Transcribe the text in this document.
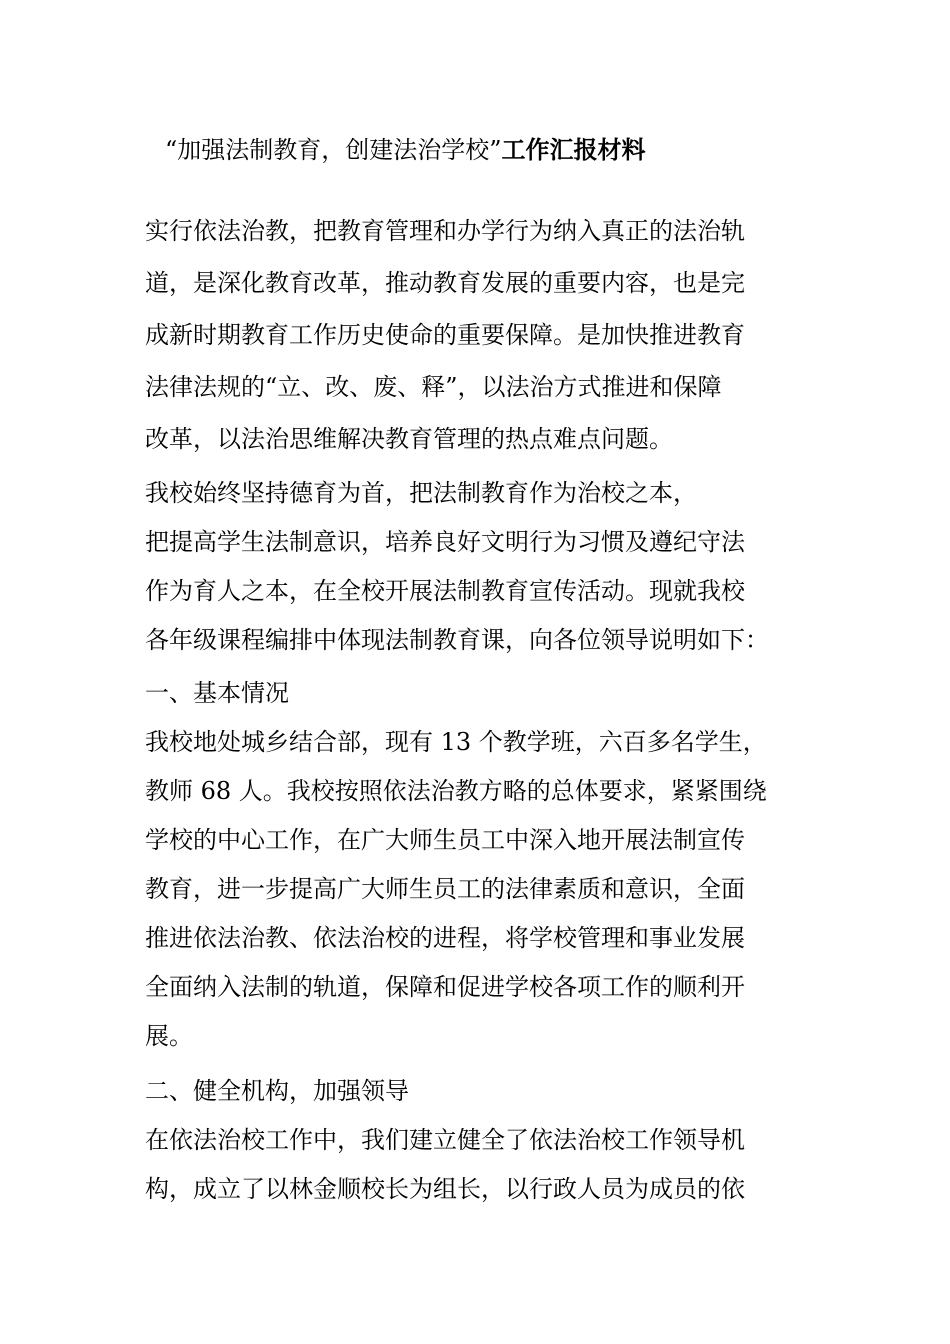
“加强法制教育，创建法治学校”工作汇报材料
实行依法治教，把教育管理和办学行为纳入真正的法治轨
道，是深化教育改革，推动教育发展的重要内容，也是完
成新时期教育工作历史使命的重要保障。是加快推进教育
法律法规的“立、改、废、释”，以法治方式推进和保障
改革，以法治思维解决教育管理的热点难点问题。
我校始终坚持德育为首，把法制教育作为治校之本，
把提高学生法制意识，培养良好文明行为习惯及遵纪守法
作为育人之本，在全校开展法制教育宣传活动。现就我校
各年级课程编排中体现法制教育课，向各位领导说明如下：
一、基本情况
我校地处城乡结合部，现有 13 个教学班，六百多名学生，
教师 68 人。我校按照依法治教方略的总体要求，紧紧围绕
学校的中心工作，在广大师生员工中深入地开展法制宣传
教育，进一步提高广大师生员工的法律素质和意识，全面
推进依法治教、依法治校的进程，将学校管理和事业发展
全面纳入法制的轨道，保障和促进学校各项工作的顺利开
展。
二、健全机构，加强领导
在依法治校工作中，我们建立健全了依法治校工作领导机
构，成立了以林金顺校长为组长，以行政人员为成员的依
